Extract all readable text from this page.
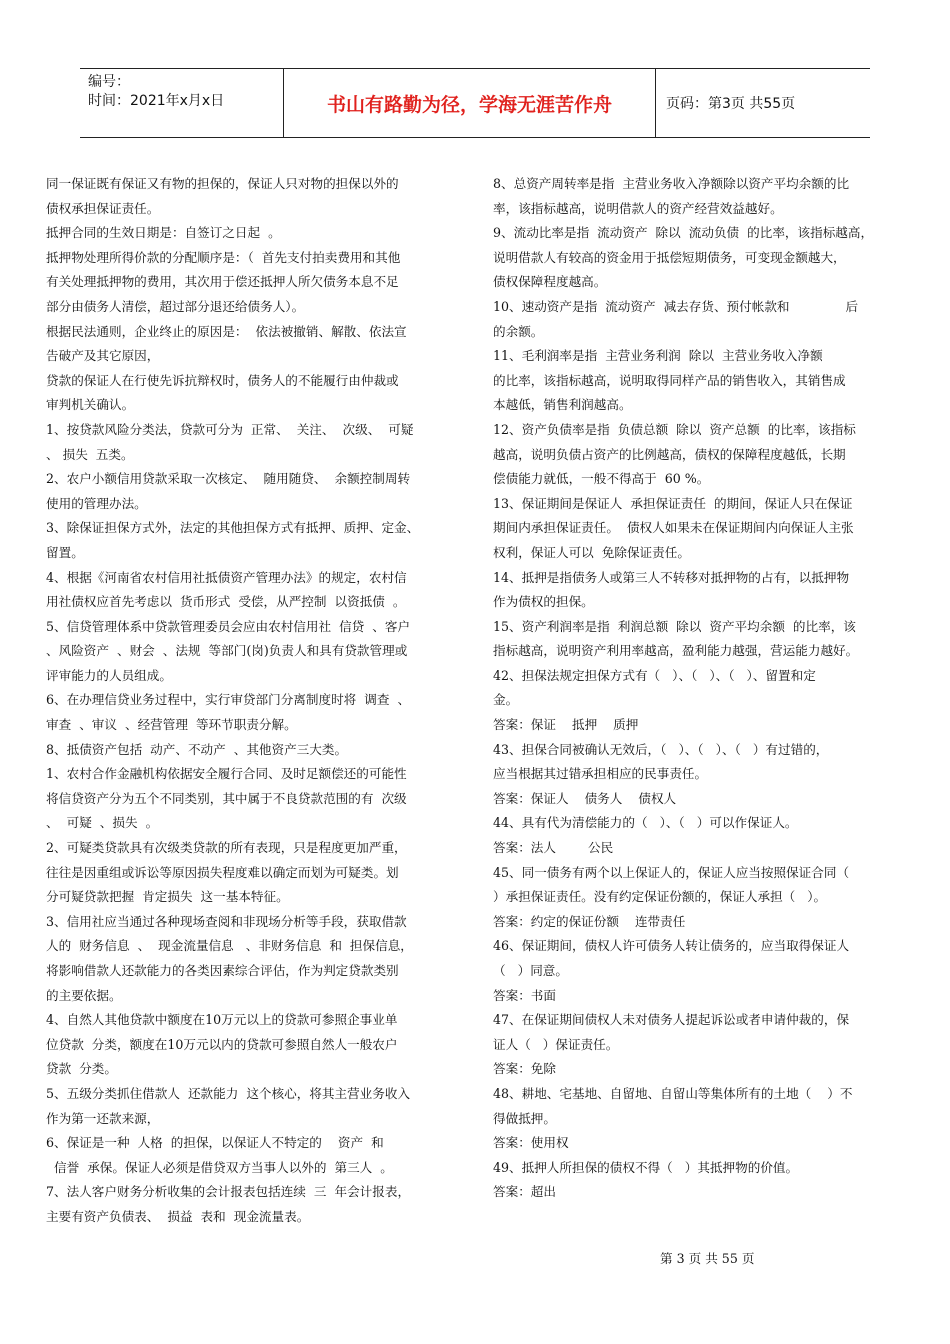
编号：
时间：2021年x月x日	书山有路勤为径，学海无涯苦作舟	页码：第3页 共55页
同一保证既有保证又有物的担保的，保证人只对物的担保以外的
债权承担保证责任。
抵押合同的生效日期是：自签订之日起  。
抵押物处理所得价款的分配顺序是：（  首先支付拍卖费用和其他
有关处理抵押物的费用，其次用于偿还抵押人所欠债务本息不足
部分由债务人清偿，超过部分退还给债务人）。
根据民法通则，企业终止的原因是：  依法被撤销、解散、依法宣
告破产及其它原因，
贷款的保证人在行使先诉抗辩权时，债务人的不能履行由仲裁或
审判机关确认。
1、按贷款风险分类法，贷款可分为  正常、  关注、  次级、  可疑
、 损失  五类。
2、农户小额信用贷款采取一次核定、  随用随贷、  余额控制周转
使用的管理办法。
3、除保证担保方式外，法定的其他担保方式有抵押、质押、定金、
留置。
4、根据《河南省农村信用社抵债资产管理办法》的规定，农村信
用社债权应首先考虑以  货币形式  受偿，从严控制  以资抵债  。
5、信贷管理体系中贷款管理委员会应由农村信用社  信贷  、客户
、风险资产  、财会  、法规  等部门(岗)负责人和具有贷款管理或
评审能力的人员组成。
6、在办理信贷业务过程中，实行审贷部门分离制度时将  调查  、
审查  、审议  、经营管理  等环节职责分解。
8、抵债资产包括  动产、不动产  、其他资产三大类。
1、农村合作金融机构依据安全履行合同、及时足额偿还的可能性
将信贷资产分为五个不同类别，其中属于不良贷款范围的有  次级
、  可疑  、损失  。
2、可疑类贷款具有次级类贷款的所有表现，只是程度更加严重，
往往是因重组或诉讼等原因损失程度难以确定而划为可疑类。划
分可疑贷款把握  肯定损失  这一基本特征。
3、信用社应当通过各种现场查阅和非现场分析等手段，获取借款
人的  财务信息  、  现金流量信息   、非财务信息  和  担保信息，
将影响借款人还款能力的各类因素综合评估，作为判定贷款类别
的主要依据。
4、自然人其他贷款中额度在10万元以上的贷款可参照企事业单
位贷款  分类，额度在10万元以内的贷款可参照自然人一般农户
贷款  分类。
5、五级分类抓住借款人  还款能力  这个核心，将其主营业务收入
作为第一还款来源，
6、保证是一种  人格  的担保，以保证人不特定的    资产  和
信誉  承保。保证人必须是借贷双方当事人以外的  第三人  。
7、法人客户财务分析收集的会计报表包括连续  三  年会计报表，
主要有资产负债表、  损益  表和  现金流量表。
8、总资产周转率是指  主营业务收入净额除以资产平均余额的比
率，该指标越高，说明借款人的资产经营效益越好。
9、流动比率是指  流动资产  除以  流动负债  的比率，该指标越高，
说明借款人有较高的资金用于抵偿短期债务，可变现金额越大，
债权保障程度越高。
10、速动资产是指  流动资产  减去存货、预付帐款和              后
的余额。
11、毛利润率是指  主营业务利润  除以  主营业务收入净额
的比率，该指标越高，说明取得同样产品的销售收入，其销售成
本越低，销售利润越高。
12、资产负债率是指  负债总额  除以  资产总额  的比率，该指标
越高，说明负债占资产的比例越高，债权的保障程度越低，长期
偿债能力就低，一般不得高于  60 %。
13、保证期间是保证人  承担保证责任  的期间，保证人只在保证
期间内承担保证责任。  债权人如果未在保证期间内向保证人主张
权利，保证人可以  免除保证责任。
14、抵押是指债务人或第三人不转移对抵押物的占有，以抵押物
作为债权的担保。
15、资产利润率是指  利润总额  除以  资产平均余额  的比率，该
指标越高，说明资产利用率越高，盈利能力越强，营运能力越好。
42、担保法规定担保方式有（   ）、（   ）、（   ）、留置和定
金。
答案：保证    抵押    质押
43、担保合同被确认无效后，（   ）、（   ）、（   ）有过错的，
应当根据其过错承担相应的民事责任。
答案：保证人    债务人    债权人
44、具有代为清偿能力的（   ）、（   ）可以作保证人。
答案：法人        公民
45、同一债务有两个以上保证人的，保证人应当按照保证合同（
）承担保证责任。没有约定保证份额的，保证人承担（   ）。
答案：约定的保证份额    连带责任
46、保证期间，债权人许可债务人转让债务的，应当取得保证人
（   ）同意。
答案：书面
47、在保证期间债权人未对债务人提起诉讼或者申请仲裁的，保
证人（   ）保证责任。
答案：免除
48、耕地、宅基地、自留地、自留山等集体所有的土地（    ）不
得做抵押。
答案：使用权
49、抵押人所担保的债权不得（   ）其抵押物的价值。
答案：超出
第 3 页 共 55 页
